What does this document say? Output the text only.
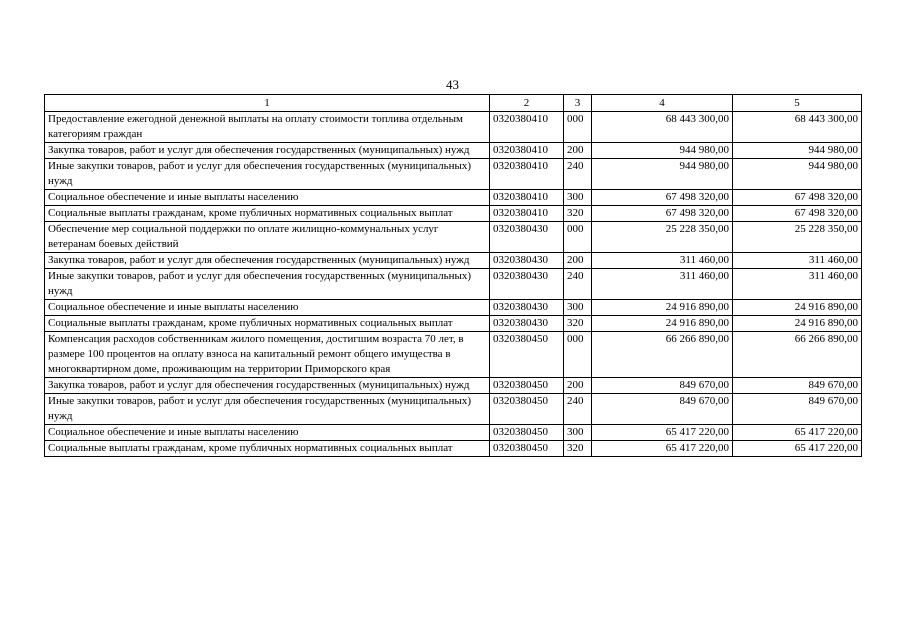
43
1	2	3	4	5
Предоставление ежегодной денежной выплаты на оплату стоимости топлива отдельным категориям граждан	0320380410	000	68 443 300,00	68 443 300,00
Закупка товаров, работ и услуг для обеспечения государственных (муниципальных) нужд	0320380410	200	944 980,00	944 980,00
Иные закупки товаров, работ и услуг для обеспечения государственных (муниципальных) нужд	0320380410	240	944 980,00	944 980,00
Социальное обеспечение и иные выплаты населению	0320380410	300	67 498 320,00	67 498 320,00
Социальные выплаты гражданам, кроме публичных нормативных социальных выплат	0320380410	320	67 498 320,00	67 498 320,00
Обеспечение мер социальной поддержки по оплате жилищно-коммунальных услуг ветеранам боевых действий	0320380430	000	25 228 350,00	25 228 350,00
Закупка товаров, работ и услуг для обеспечения государственных (муниципальных) нужд	0320380430	200	311 460,00	311 460,00
Иные закупки товаров, работ и услуг для обеспечения государственных (муниципальных) нужд	0320380430	240	311 460,00	311 460,00
Социальное обеспечение и иные выплаты населению	0320380430	300	24 916 890,00	24 916 890,00
Социальные выплаты гражданам, кроме публичных нормативных социальных выплат	0320380430	320	24 916 890,00	24 916 890,00
Компенсация расходов собственникам жилого помещения, достигшим возраста 70 лет, в размере 100 процентов на оплату взноса на капитальный ремонт общего имущества в многоквартирном доме, проживающим на территории Приморского края	0320380450	000	66 266 890,00	66 266 890,00
Закупка товаров, работ и услуг для обеспечения государственных (муниципальных) нужд	0320380450	200	849 670,00	849 670,00
Иные закупки товаров, работ и услуг для обеспечения государственных (муниципальных) нужд	0320380450	240	849 670,00	849 670,00
Социальное обеспечение и иные выплаты населению	0320380450	300	65 417 220,00	65 417 220,00
Социальные выплаты гражданам, кроме публичных нормативных социальных выплат	0320380450	320	65 417 220,00	65 417 220,00
